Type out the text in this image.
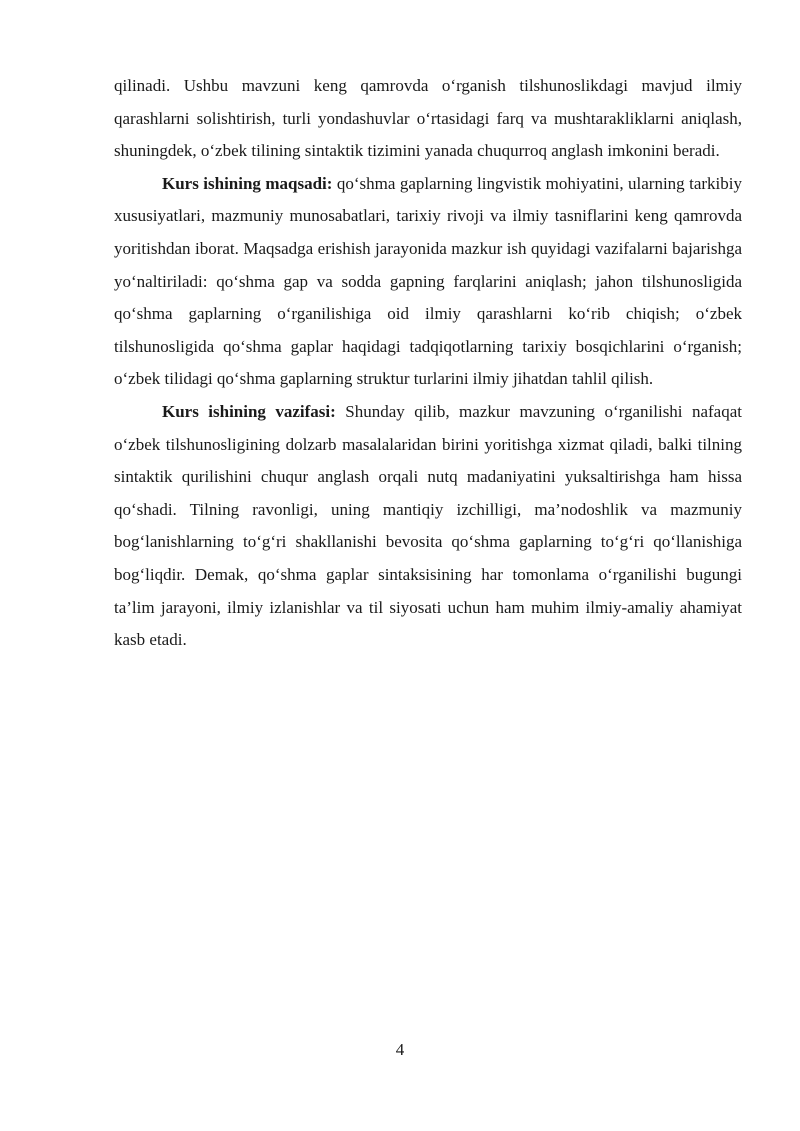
qilinadi. Ushbu mavzuni keng qamrovda o‘rganish tilshunoslikdagi mavjud ilmiy qarashlarni solishtirish, turli yondashuvlar o‘rtasidagi farq va mushtarakliklarni aniqlash, shuningdek, o‘zbek tilining sintaktik tizimini yanada chuqurroq anglash imkonini beradi.

Kurs ishining maqsadi: qo‘shma gaplarning lingvistik mohiyatini, ularning tarkibiy xususiyatlari, mazmuniy munosabatlari, tarixiy rivoji va ilmiy tasniflarini keng qamrovda yoritishdan iborat. Maqsadga erishish jarayonida mazkur ish quyidagi vazifalarni bajarishga yo‘naltiriladi: qo‘shma gap va sodda gapning farqlarini aniqlash; jahon tilshunosligida qo‘shma gaplarning o‘rganilishiga oid ilmiy qarashlarni ko‘rib chiqish; o‘zbek tilshunosligida qo‘shma gaplar haqidagi tadqiqotlarning tarixiy bosqichlarini o‘rganish; o‘zbek tilidagi qo‘shma gaplarning struktur turlarini ilmiy jihatdan tahlil qilish.

Kurs ishining vazifasi: Shunday qilib, mazkur mavzuning o‘rganilishi nafaqat o‘zbek tilshunosligining dolzarb masalalaridan birini yoritishga xizmat qiladi, balki tilning sintaktik qurilishini chuqur anglash orqali nutq madaniyatini yuksaltirishga ham hissa qo‘shadi. Tilning ravonligi, uning mantiqiy izchilligi, ma’nodoshlik va mazmuniy bog‘lanishlarning to‘g‘ri shakllanishi bevosita qo‘shma gaplarning to‘g‘ri qo‘llanishiga bog‘liqdir. Demak, qo‘shma gaplar sintaksisining har tomonlama o‘rganilishi bugungi ta’lim jarayoni, ilmiy izlanishlar va til siyosati uchun ham muhim ilmiy-amaliy ahamiyat kasb etadi.

4
